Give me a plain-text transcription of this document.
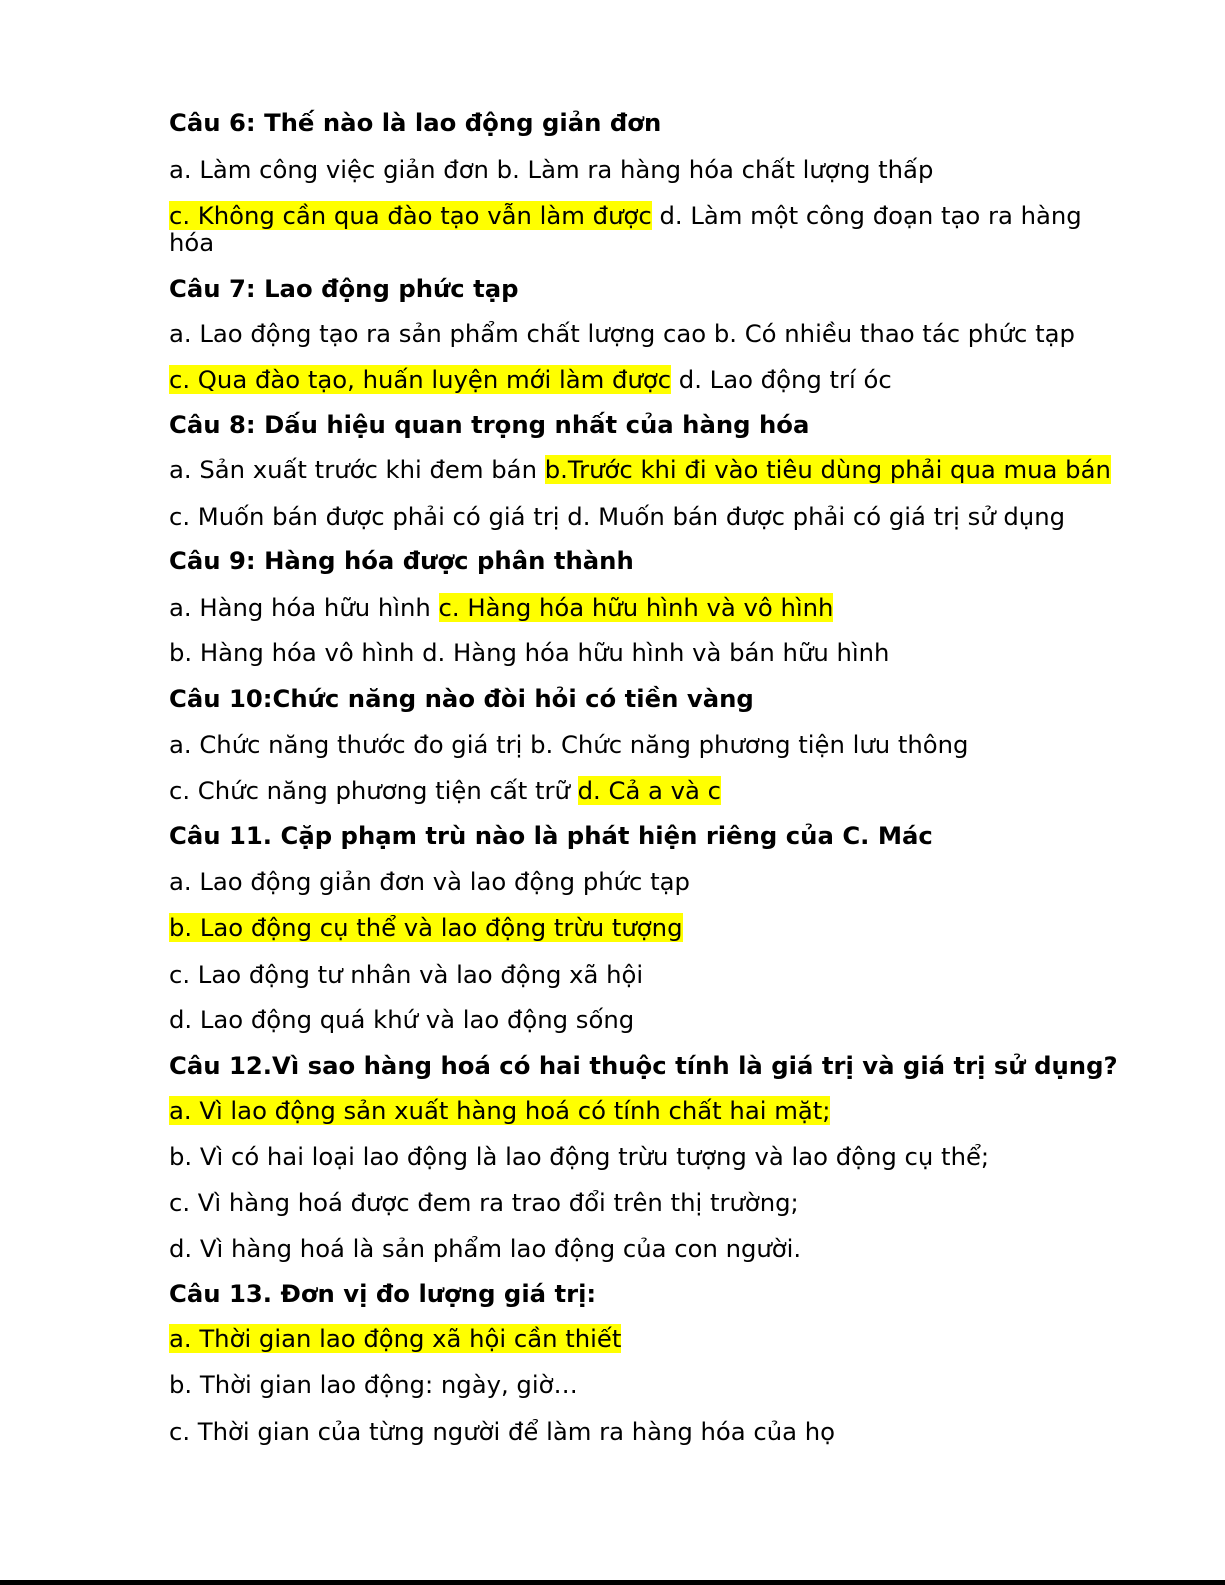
Câu 6: Thế nào là lao động giản đơn
a. Làm công việc giản đơn b. Làm ra hàng hóa chất lượng thấp
c. Không cần qua đào tạo vẫn làm được d. Làm một công đoạn tạo ra hàng hóa
Câu 7: Lao động phức tạp
a. Lao động tạo ra sản phẩm chất lượng cao b. Có nhiều thao tác phức tạp
c. Qua đào tạo, huấn luyện mới làm được d. Lao động trí óc
Câu 8: Dấu hiệu quan trọng nhất của hàng hóa
a. Sản xuất trước khi đem bán b.Trước khi đi vào tiêu dùng phải qua mua bán
c. Muốn bán được phải có giá trị d. Muốn bán được phải có giá trị sử dụng
Câu 9: Hàng hóa được phân thành
a. Hàng hóa hữu hình c. Hàng hóa hữu hình và vô hình
b. Hàng hóa vô hình d. Hàng hóa hữu hình và bán hữu hình
Câu 10:Chức năng nào đòi hỏi có tiền vàng
a. Chức năng thước đo giá trị b. Chức năng phương tiện lưu thông
c. Chức năng phương tiện cất trữ d. Cả a và c
Câu 11. Cặp phạm trù nào là phát hiện riêng của C. Mác
a. Lao động giản đơn và lao động phức tạp
b. Lao động cụ thể và lao động trừu tượng
c. Lao động tư nhân và lao động xã hội
d. Lao động quá khứ và lao động sống
Câu 12.Vì sao hàng hoá có hai thuộc tính là giá trị và giá trị sử dụng?
a. Vì lao động sản xuất hàng hoá có tính chất hai mặt;
b. Vì có hai loại lao động là lao động trừu tượng và lao động cụ thể;
c. Vì hàng hoá được đem ra trao đổi trên thị trường;
d. Vì hàng hoá là sản phẩm lao động của con người.
Câu 13. Đơn vị đo lượng giá trị:
a. Thời gian lao động xã hội cần thiết
b. Thời gian lao động: ngày, giờ…
c. Thời gian của từng người để làm ra hàng hóa của họ
